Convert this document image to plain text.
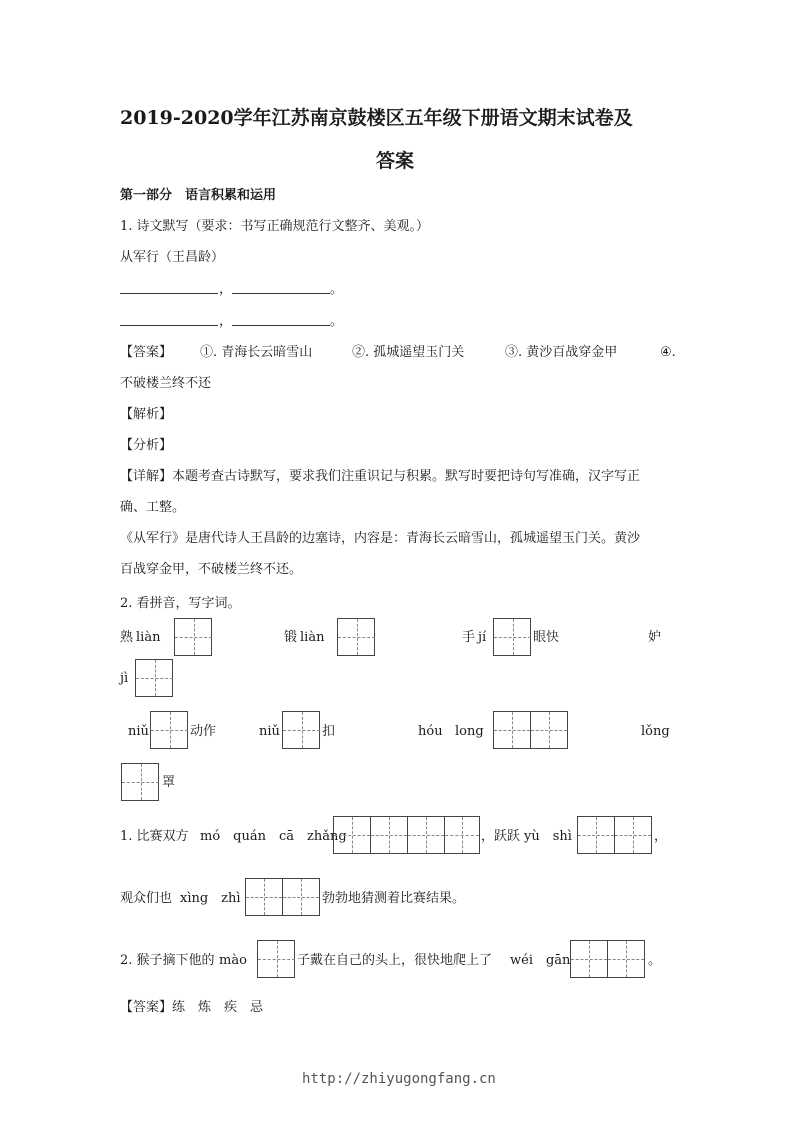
2019-2020学年江苏南京鼓楼区五年级下册语文期末试卷及
答案
第一部分　语言积累和运用
1. 诗文默写（要求：书写正确规范行文整齐、美观。）
从军行（王昌龄）
，	。
，	。
【答案】 ①. 青海长云暗雪山	②. 孤城遥望玉门关	③. 黄沙百战穿金甲	④.
不破楼兰终不还
【解析】
【分析】
【详解】本题考查古诗默写，要求我们注重识记与积累。默写时要把诗句写准确，汉字写正
确、工整。
《从军行》是唐代诗人王昌龄的边塞诗，内容是：青海长云暗雪山，孤城遥望玉门关。黄沙
百战穿金甲，不破楼兰终不还。
2. 看拼音，写字词。
熟 liàn	锻 liàn	手 jí	眼快	妒
jì
niǔ	动作	niǔ	扣	hóu long	lǒng
罩
1. 比赛双方 mó　quán　cā　zhǎng	，跃跃 yù　shì	，
观众们也 xìng　zhì	勃勃地猜测着比赛结果。
2. 猴子摘下他的 mào	子戴在自己的头上，很快地爬上了 wéi　gān	。
【答案】练　炼　疾　忌
http://zhiyugongfang.cn
